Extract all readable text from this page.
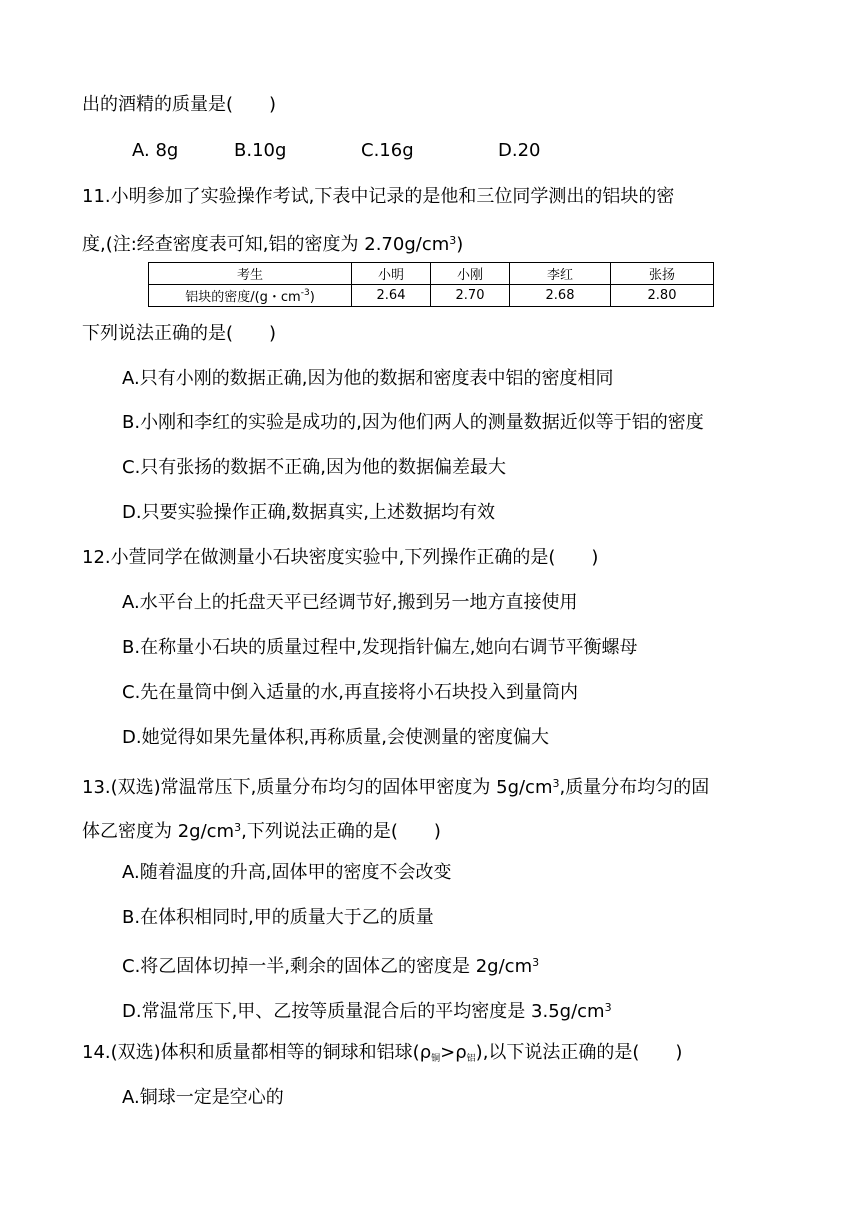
出的酒精的质量是(　　)
A. 8g	B.10g	C.16g	D.20
11.小明参加了实验操作考试,下表中记录的是他和三位同学测出的铝块的密
度,(注:经查密度表可知,铝的密度为 $2.70g/cm^3$)
考生	小明	小刚	李红	张扬
铝块的密度/(g・$cm^{-3}$)	2.64	2.70	2.68	2.80
下列说法正确的是(　　)
A.只有小刚的数据正确,因为他的数据和密度表中铝的密度相同
B.小刚和李红的实验是成功的,因为他们两人的测量数据近似等于铝的密度
C.只有张扬的数据不正确,因为他的数据偏差最大
D.只要实验操作正确,数据真实,上述数据均有效
12.小萱同学在做测量小石块密度实验中,下列操作正确的是(　　)
A.水平台上的托盘天平已经调节好,搬到另一地方直接使用
B.在称量小石块的质量过程中,发现指针偏左,她向右调节平衡螺母
C.先在量筒中倒入适量的水,再直接将小石块投入到量筒内
D.她觉得如果先量体积,再称质量,会使测量的密度偏大
13.(双选)常温常压下,质量分布均匀的固体甲密度为 $5g/cm^3$,质量分布均匀的固
体乙密度为 $2g/cm^3$,下列说法正确的是(　　)
A.随着温度的升高,固体甲的密度不会改变
B.在体积相同时,甲的质量大于乙的质量
C.将乙固体切掉一半,剩余的固体乙的密度是 $2g/cm^3$
D.常温常压下,甲、乙按等质量混合后的平均密度是 $3.5g/cm^3$
14.(双选)体积和质量都相等的铜球和铝球$(\rho_铜>\rho_铝)$,以下说法正确的是(　　)
A.铜球一定是空心的
